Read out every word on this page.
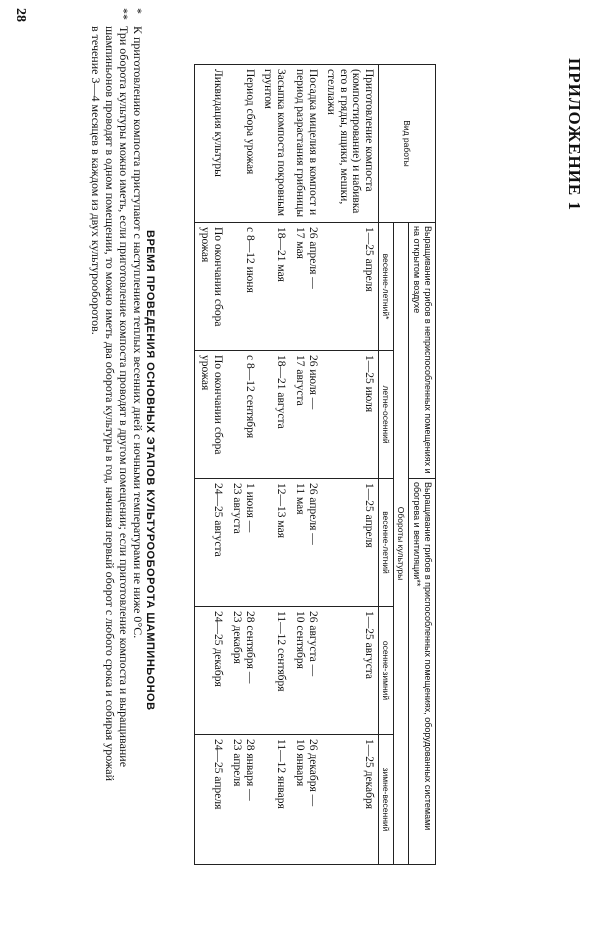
ПРИЛОЖЕНИЕ 1
Вид работы	Выращивание грибов в неприспособленных помещениях и на открытом воздухе		Выращивание грибов в приспособленных помещениях, оборудованных системами обогрева и вентиляции**		
	Обороты культуры				
	весенне-летний*	летне-осенний	весенне-летний	осенне-зимний	зимне-весенний

Приготовление компоста (компостирование) и набивка его в гряды, ящики, мешки, стеллажи	1—25 апреля	1—25 июля	1—25 апреля	1—25 августа	1—25 декабря

Посадка мицелия в компост и период разрастания грибницы	26 апреля —
17 мая	26 июля —
17 августа	26 апреля —
11 мая	26 августа —
10 сентября	26 декабря —
10 января

Засыпка компоста покровным грунтом	18—21 мая	18—21 августа	12—13 мая	11—12 сентября	11—12 января

Период сбора урожая	с 8—12 июня	с 8—12 сентября	1 июня —
23 августа	28 сентября —
23 декабря	28 января —
23 апреля

Ликвидация культуры	По окончании сбора урожая	По окончании сбора урожая	24—25 августа	24—25 декабря	24—25 апреля
ВРЕМЯ ПРОВЕДЕНИЯ ОСНОВНЫХ ЭТАПОВ КУЛЬТУРООБОРОТА ШАМПИНЬОНОВ
*
К приготовлению компоста приступают с наступлением теплых весенних дней с ночными температурами не ниже 0°С.
**
Три оборота культуры можно иметь, если приготовление компоста проводят в другом помещении; если приготовление компоста и выращивание шампиньонов проводят в одном помещении, то можно иметь два оборота культуры в год, начиная первый оборот с любого срока и собирая урожай в течение 3—4 месяцев в каждом из двух культурооборотов.
28
